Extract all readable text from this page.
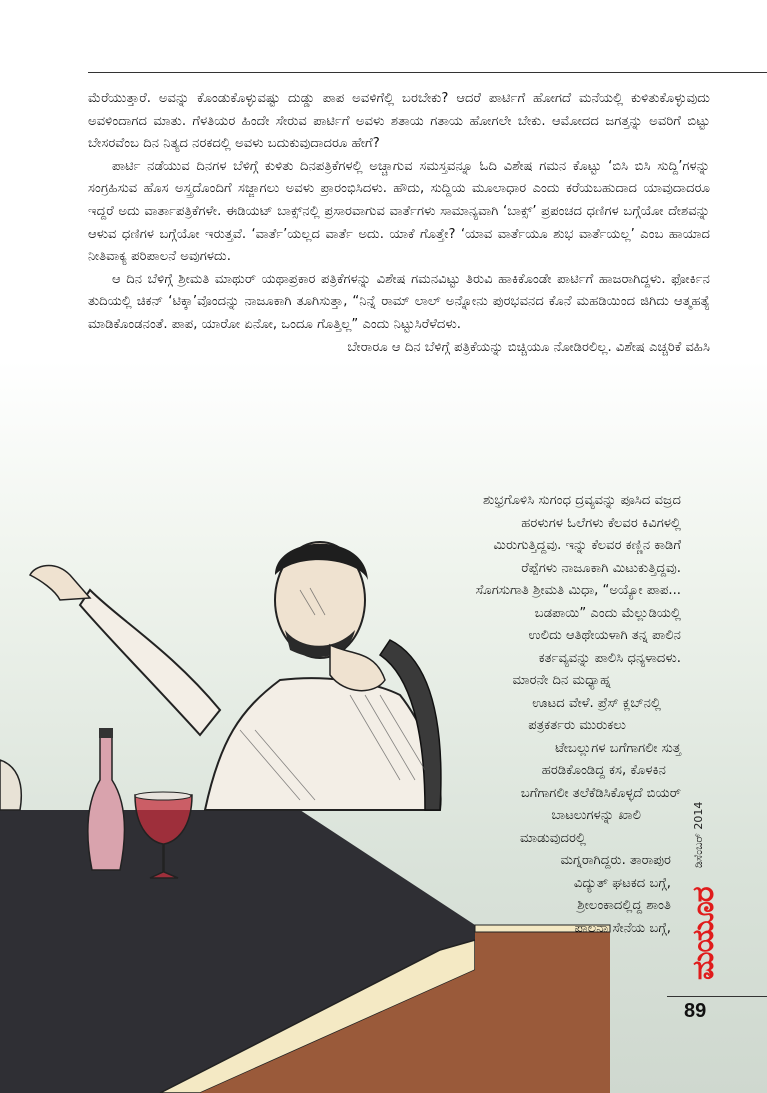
ಮೆರೆಯುತ್ತಾರೆ. ಅವನ್ನು ಕೊಂಡುಕೊಳ್ಳುವಷ್ಟು ದುಡ್ಡು ಪಾಪ ಅವಳಿಗೆಲ್ಲಿ ಬರಬೇಕು? ಆದರೆ ಪಾರ್ಟಿಗೆ ಹೋಗದೆ ಮನೆಯಲ್ಲಿ ಕುಳಿತುಕೊಳ್ಳುವುದು ಅವಳಿಂದಾಗದ ಮಾತು. ಗೆಳತಿಯರ ಹಿಂದೇ ಸೇರುವ ಪಾರ್ಟಿಗೆ ಅವಳು ಶತಾಯ ಗತಾಯ ಹೋಗಲೇ ಬೇಕು. ಆಮೋದದ ಜಗತ್ತನ್ನು ಅವರಿಗೆ ಬಿಟ್ಟು ಬೇಸರವೆಂಬ ದಿನ ನಿತ್ಯದ ನರಕದಲ್ಲಿ ಅವಳು ಬದುಕುವುದಾದರೂ ಹೇಗೆ?

ಪಾರ್ಟಿ ನಡೆಯುವ ದಿನಗಳ ಬೆಳಿಗ್ಗೆ ಕುಳಿತು ದಿನಪತ್ರಿಕೆಗಳಲ್ಲಿ ಅಚ್ಚಾಗುವ ಸಮಸ್ತವನ್ನೂ ಓದಿ ವಿಶೇಷ ಗಮನ ಕೊಟ್ಟು ‘ಬಿಸಿ ಬಿಸಿ ಸುದ್ದಿ’ಗಳನ್ನು ಸಂಗ್ರಹಿಸುವ ಹೊಸ ಅಸ್ತ್ರದೊಂದಿಗೆ ಸಜ್ಜಾಗಲು ಅವಳು ಪ್ರಾರಂಭಿಸಿದಳು. ಹೌದು, ಸುದ್ದಿಯ ಮೂಲಾಧಾರ ಎಂದು ಕರೆಯಬಹುದಾದ ಯಾವುದಾದರೂ ಇದ್ದರೆ ಅದು ವಾರ್ತಾಪತ್ರಿಕೆಗಳೇ. ಈಡಿಯಟ್ ಬಾಕ್ಸ್‌ನಲ್ಲಿ ಪ್ರಸಾರವಾಗುವ ವಾರ್ತೆಗಳು ಸಾಮಾನ್ಯವಾಗಿ ‘ಬಾಕ್ಸ್’ ಪ್ರಪಂಚದ ಧಣಿಗಳ ಬಗ್ಗೆಯೋ ದೇಶವನ್ನು ಆಳುವ ಧಣಿಗಳ ಬಗ್ಗೆಯೋ ಇರುತ್ತವೆ. ‘ವಾರ್ತೆ’ಯಲ್ಲದ ವಾರ್ತೆ ಅದು. ಯಾಕೆ ಗೊತ್ತೇ? ‘ಯಾವ ವಾರ್ತೆಯೂ ಶುಭ ವಾರ್ತೆಯಲ್ಲ’ ಎಂಬ ಹಾಯಾದ ನೀತಿವಾಕ್ಯ ಪರಿಪಾಲನೆ ಅವುಗಳದು.

ಆ ದಿನ ಬೆಳಿಗ್ಗೆ ಶ್ರೀಮತಿ ಮಾಥುರ್ ಯಥಾಪ್ರಕಾರ ಪತ್ರಿಕೆಗಳನ್ನು ವಿಶೇಷ ಗಮನವಿಟ್ಟು ತಿರುವಿ ಹಾಕಿಕೊಂಡೇ ಪಾರ್ಟಿಗೆ ಹಾಜರಾಗಿದ್ದಳು. ಫೋರ್ಕಿನ ತುದಿಯಲ್ಲಿ ಚಿಕನ್ ‘ಟಿಕ್ಕಾ’ವೊಂದನ್ನು ನಾಜೂಕಾಗಿ ತೂಗಿಸುತ್ತಾ, “ನಿನ್ನೆ ರಾಮ್ ಲಾಲ್ ಅನ್ನೋನು ಪುರಭವನದ ಕೊನೆ ಮಹಡಿಯಿಂದ ಜಿಗಿದು ಆತ್ಮಹತ್ಯೆ ಮಾಡಿಕೊಂಡನಂತೆ. ಪಾಪ, ಯಾರೋ ಏನೋ, ಒಂದೂ ಗೊತ್ತಿಲ್ಲ” ಎಂದು ನಿಟ್ಟುಸಿರೆಳೆದಳು.

ಬೇರಾರೂ ಆ ದಿನ ಬೆಳಿಗ್ಗೆ ಪತ್ರಿಕೆಯನ್ನು ಬಿಚ್ಚಿಯೂ ನೋಡಿರಲಿಲ್ಲ. ವಿಶೇಷ ಎಚ್ಚರಿಕೆ ವಹಿಸಿ

ಶುಭ್ರಗೊಳಿಸಿ ಸುಗಂಧ ದ್ರವ್ಯವನ್ನು ಪೂಸಿದ ವಜ್ರದ
ಹರಳುಗಳ ಓಲೆಗಳು ಕೆಲವರ ಕಿವಿಗಳಲ್ಲಿ
ಮಿರುಗುತ್ತಿದ್ದವು. ಇನ್ನು ಕೆಲವರ ಕಣ್ಣಿನ ಕಾಡಿಗೆ
ರೆಪ್ಪೆಗಳು ನಾಜೂಕಾಗಿ ಮಿಟುಕುತ್ತಿದ್ದವು.
ಸೊಗಸುಗಾತಿ ಶ್ರೀಮತಿ ಮಿಧಾ, “ಅಯ್ಯೋ ಪಾಪ...
ಬಡಪಾಯಿ” ಎಂದು ಮೆಲ್ಲುಡಿಯಲ್ಲಿ
ಉಲಿದು ಆತಿಥೇಯಳಾಗಿ ತನ್ನ ಪಾಲಿನ
ಕರ್ತವ್ಯವನ್ನು ಪಾಲಿಸಿ ಧನ್ಯಳಾದಳು.
ಮಾರನೇ ದಿನ ಮಧ್ಯಾಹ್ನ
ಊಟದ ವೇಳೆ. ಪ್ರೆಸ್ ಕ್ಲಬ್‌ನಲ್ಲಿ
ಪತ್ರಕರ್ತರು ಮುರುಕಲು
ಟೇಬಲ್ಲುಗಳ ಬಗೆಗಾಗಲೀ ಸುತ್ತ
ಹರಡಿಕೊಂಡಿದ್ದ ಕಸ, ಕೊಳಕಿನ
ಬಗೆಗಾಗಲೀ ತಲೆಕೆಡಿಸಿಕೊಳ್ಳದೆ ಬಿಯರ್
ಬಾಟಲುಗಳನ್ನು ಖಾಲಿ
ಮಾಡುವುದರಲ್ಲಿ
ಮಗ್ನರಾಗಿದ್ದರು. ತಾರಾಪುರ
ವಿದ್ಯುತ್ ಘಟಕದ ಬಗ್ಗೆ,
ಶ್ರೀಲಂಕಾದಲ್ಲಿದ್ದ ಶಾಂತಿ
ಪಾಲನಾ ಸೇನೆಯ ಬಗ್ಗೆ,
ಡಿಸೆಂಬರ್ 2014
ಮಯೂರ
89
